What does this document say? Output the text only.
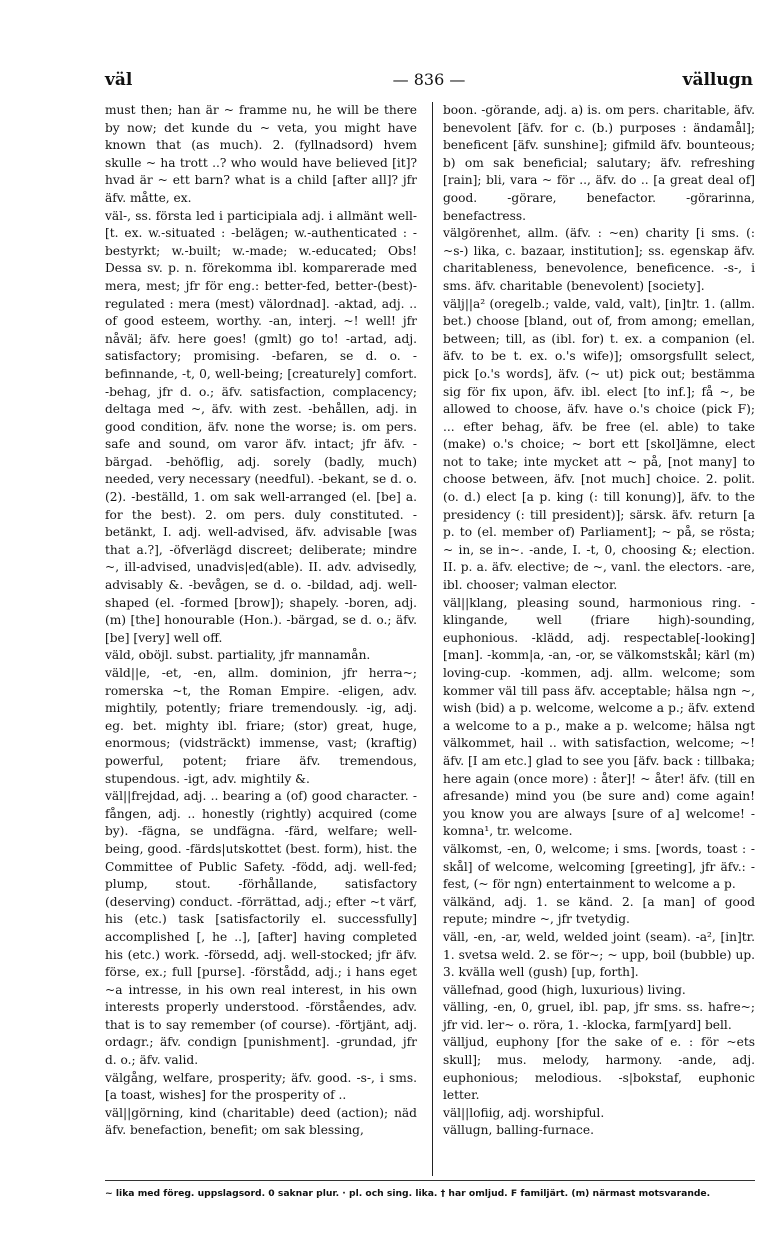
väl	— 836 —	vällugn

must then; han är ~ framme nu, he will be there by now; det kunde du ~ veta, you might have known that (as much). 2. (fyllnadsord) hvem skulle ~ ha trott ..? who would have believed [it]? hvad är ~ ett barn? what is a child [after all]? jfr äfv. måtte, ex.

väl-, ss. första led i participiala adj. i allmänt well- [t. ex. w.-situated : -belägen; w.-authenticated : -bestyrkt; w.-built; w.-made; w.-educated; Obs! Dessa sv. p. n. förekomma ibl. komparerade med mera, mest; jfr för eng.: better-fed, better-(best)-regulated : mera (mest) välordnad]. -aktad, adj. .. of good esteem, worthy. -an, interj. ~! well! jfr nåväl; äfv. here goes! (gmlt) go to! -artad, adj. satisfactory; promising. -befaren, se d. o. -befinnande, -t, 0, well-being; [creaturely] comfort. -behag, jfr d. o.; äfv. satisfaction, complacency; deltaga med ~, äfv. with zest. -behållen, adj. in good condition, äfv. none the worse; is. om pers. safe and sound, om varor äfv. intact; jfr äfv. -bärgad. -behöflig, adj. sorely (badly, much) needed, very necessary (needful). -bekant, se d. o. (2). -beställd, 1. om sak well-arranged (el. [be] a. for the best). 2. om pers. duly constituted. -betänkt, I. adj. well-advised, äfv. advisable [was that a.?], -öfverlägd discreet; deliberate; mindre ~, ill-advised, unadvis|ed(able). II. adv. advisedly, advisably &. -bevågen, se d. o. -bildad, adj. well-shaped (el. -formed [brow]); shapely. -boren, adj. (m) [the] honourable (Hon.). -bärgad, se d. o.; äfv. [be] [very] well off.

väld, oböjl. subst. partiality, jfr mannamån.

väld||e, -et, -en, allm. dominion, jfr herra~; romerska ~t, the Roman Empire. -eligen, adv. mightily, potently; friare tremendously. -ig, adj. eg. bet. mighty ibl. friare; (stor) great, huge, enormous; (vidsträckt) immense, vast; (kraftig) powerful, potent; friare äfv. tremendous, stupendous. -igt, adv. mightily &.

väl||frejdad, adj. .. bearing a (of) good character. -fången, adj. .. honestly (rightly) acquired (come by). -fägna, se undfägna. -färd, welfare; well-being, good. -färds|utskottet (best. form), hist. the Committee of Public Safety. -född, adj. well-fed; plump, stout. -förhållande, satisfactory (deserving) conduct. -förrättad, adj.; efter ~t värf, his (etc.) task [satisfactorily el. successfully] accomplished [, he ..], [after] having completed his (etc.) work. -försedd, adj. well-stocked; jfr äfv. förse, ex.; full [purse]. -förstådd, adj.; i hans eget ~a intresse, in his own real interest, in his own interests properly understood. -förståendes, adv. that is to say remember (of course). -förtjänt, adj. ordagr.; äfv. condign [punishment]. -grundad, jfr d. o.; äfv. valid.

välgång, welfare, prosperity; äfv. good. -s-, i sms. [a toast, wishes] for the prosperity of ..

väl||görning, kind (charitable) deed (action); näd äfv. benefaction, benefit; om sak blessing,

boon. -görande, adj. a) is. om pers. charitable, äfv. benevolent [äfv. for c. (b.) purposes : ändamål]; beneficent [äfv. sunshine]; gifmild äfv. bounteous; b) om sak beneficial; salutary; äfv. refreshing [rain]; bli, vara ~ för .., äfv. do .. [a great deal of] good. -görare, benefactor. -görarinna, benefactress.

välgörenhet, allm. (äfv. : ~en) charity [i sms. (: ~s-) lika, c. bazaar, institution]; ss. egenskap äfv. charitableness, benevolence, beneficence. -s-, i sms. äfv. charitable (benevolent) [society].

välj||a² (oregelb.; valde, vald, valt), [in]tr. 1. (allm. bet.) choose [bland, out of, from among; emellan, between; till, as (ibl. for) t. ex. a companion (el. äfv. to be t. ex. o.'s wife)]; omsorgsfullt select, pick [o.'s words], äfv. (~ ut) pick out; bestämma sig för fix upon, äfv. ibl. elect [to inf.]; få ~, be allowed to choose, äfv. have o.'s choice (pick F); ... efter behag, äfv. be free (el. able) to take (make) o.'s choice; ~ bort ett [skol]ämne, elect not to take; inte mycket att ~ på, [not many] to choose between, äfv. [not much] choice. 2. polit. (o. d.) elect [a p. king (: till konung)], äfv. to the presidency (: till president)]; särsk. äfv. return [a p. to (el. member of) Parliament]; ~ på, se rösta; ~ in, se in~. -ande, I. -t, 0, choosing &; election. II. p. a. äfv. elective; de ~, vanl. the electors. -are, ibl. chooser; valman elector.

väl||klang, pleasing sound, harmonious ring. -klingande, well (friare high)-sounding, euphonious. -klädd, adj. respectable[-looking][man]. -komm|a, -an, -or, se välkomstskål; kärl (m) loving-cup. -kommen, adj. allm. welcome; som kommer väl till pass äfv. acceptable; hälsa ngn ~, wish (bid) a p. welcome, welcome a p.; äfv. extend a welcome to a p., make a p. welcome; hälsa ngt välkommet, hail .. with satisfaction, welcome; ~! äfv. [I am etc.] glad to see you [äfv. back : tillbaka; here again (once more) : åter]! ~ åter! äfv. (till en afresande) mind you (be sure and) come again! you know you are always [sure of a] welcome! -komna¹, tr. welcome.

välkomst, -en, 0, welcome; i sms. [words, toast : -skål] of welcome, welcoming [greeting], jfr äfv.: -fest, (~ för ngn) entertainment to welcome a p.

välkänd, adj. 1. se känd. 2. [a man] of good repute; mindre ~, jfr tvetydig.

väll, -en, -ar, weld, welded joint (seam). -a², [in]tr. 1. svetsa weld. 2. se för~; ~ upp, boil (bubble) up. 3. kvälla well (gush) [up, forth].

vällefnad, good (high, luxurious) living.

välling, -en, 0, gruel, ibl. pap, jfr sms. ss. hafre~; jfr vid. ler~ o. röra, 1. -klocka, farm[yard] bell.

välljud, euphony [for the sake of e. : för ~ets skull]; mus. melody, harmony. -ande, adj. euphonious; melodious. -s|bokstaf, euphonic letter.

väl||lofiig, adj. worshipful.

vällugn, balling-furnace.

~ lika med föreg. uppslagsord. 0 saknar plur. · pl. och sing. lika. † har omljud. F familjärt. (m) närmast motsvarande.
